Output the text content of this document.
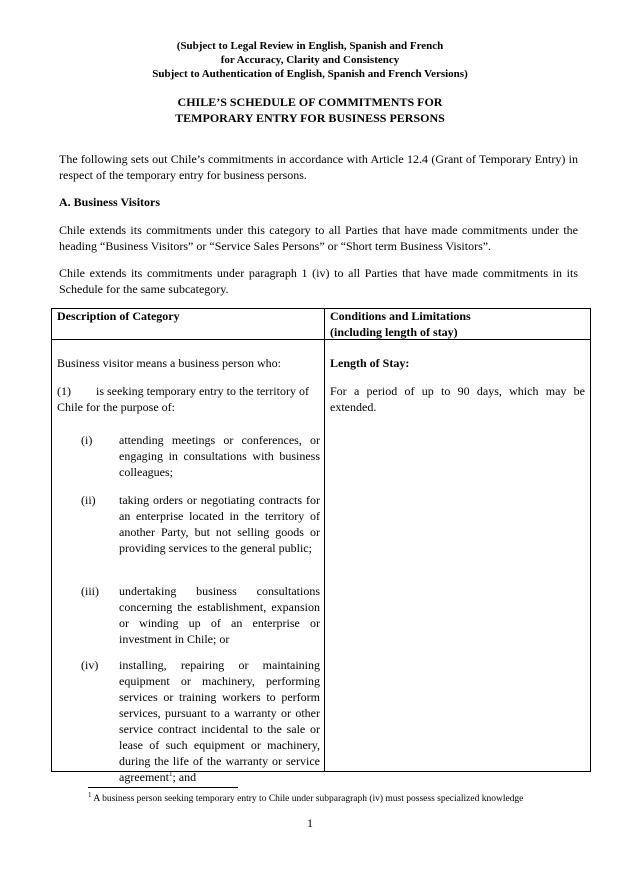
(Subject to Legal Review in English, Spanish and French
for Accuracy, Clarity and Consistency
Subject to Authentication of English, Spanish and French Versions)
CHILE’S SCHEDULE OF COMMITMENTS FOR
TEMPORARY ENTRY FOR BUSINESS PERSONS
The following sets out Chile’s commitments in accordance with Article 12.4 (Grant of Temporary Entry) in respect of the temporary entry for business persons.
A. Business Visitors
Chile extends its commitments under this category to all Parties that have made commitments under the heading “Business Visitors” or “Service Sales Persons” or “Short term Business Visitors”.
Chile extends its commitments under paragraph 1 (iv) to all Parties that have made commitments in its Schedule for the same subcategory.
Description of Category	Conditions and Limitations
(including length of stay)
Business visitor means a business person who:
(1) is seeking temporary entry to the territory of
Chile for the purpose of:
(i) attending meetings or conferences, or engaging in consultations with business colleagues;
(ii) taking orders or negotiating contracts for an enterprise located in the territory of another Party, but not selling goods or providing services to the general public;
(iii) undertaking business consultations concerning the establishment, expansion or winding up of an enterprise or investment in Chile; or
(iv) installing, repairing or maintaining equipment or machinery, performing services or training workers to perform services, pursuant to a warranty or other service contract incidental to the sale or lease of such equipment or machinery, during the life of the warranty or service agreement$^1$; and
Length of Stay:
For a period of up to 90 days, which may be extended.
$^1$ A business person seeking temporary entry to Chile under subparagraph (iv) must possess specialized knowledge
1
